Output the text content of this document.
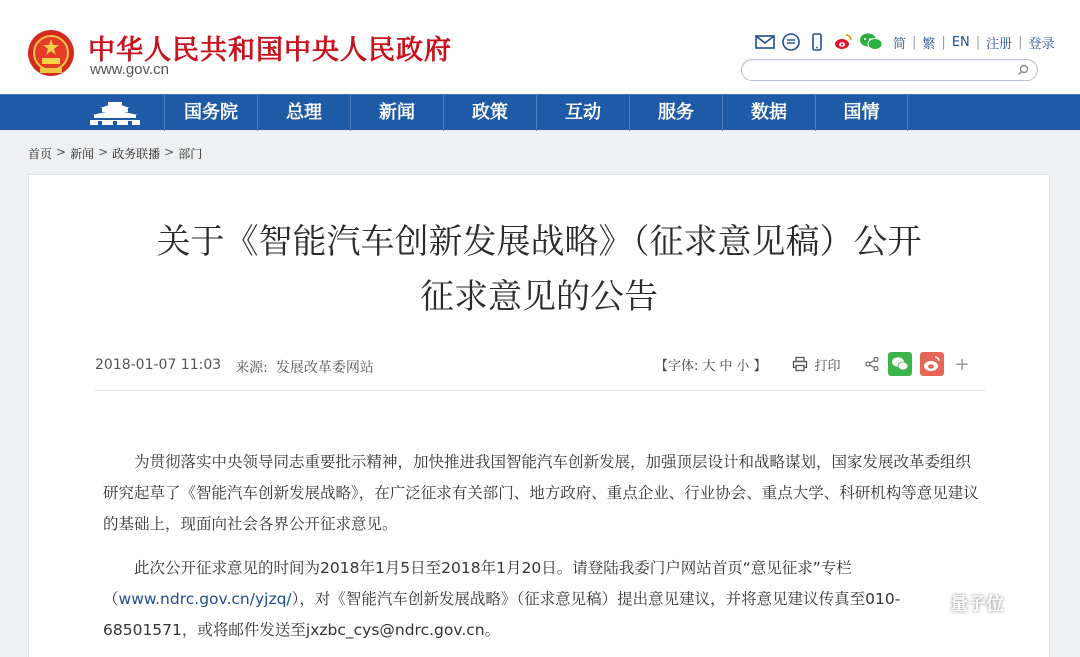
中华人民共和国中央人民政府
www.gov.cn
简 | 繁 | EN | 注册 | 登录
国务院	总理	新闻	政策	互动	服务	数据	国情
首页 > 新闻 > 政务联播 > 部门
关于《智能汽车创新发展战略》（征求意见稿）公开
征求意见的公告
2018-01-07 11:03 来源: 发展改革委网站	【字体: 大 中 小 】	打印	+
为贯彻落实中央领导同志重要批示精神，加快推进我国智能汽车创新发展，加强顶层设计和战略谋划，国家发展改革委组织研究起草了《智能汽车创新发展战略》，在广泛征求有关部门、地方政府、重点企业、行业协会、重点大学、科研机构等意见建议的基础上，现面向社会各界公开征求意见。
此次公开征求意见的时间为2018年1月5日至2018年1月20日。请登陆我委门户网站首页“意见征求”专栏（www.ndrc.gov.cn/yjzq/），对《智能汽车创新发展战略》（征求意见稿）提出意见建议，并将意见建议传真至010-68501571，或将邮件发送至jxzbc_cys@ndrc.gov.cn。
量子位
